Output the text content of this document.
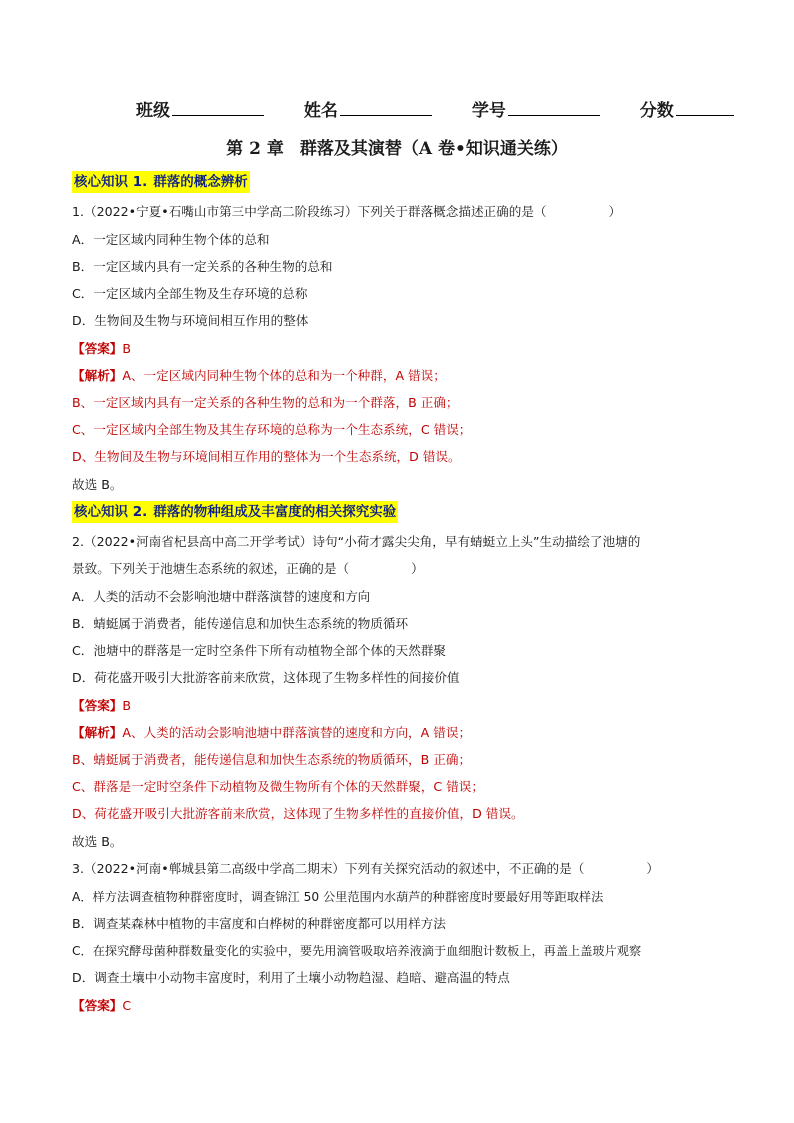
班级	姓名	学号	分数
第 2 章 群落及其演替（A 卷•知识通关练）
核心知识 1. 群落的概念辨析
1.（2022•宁夏•石嘴山市第三中学高二阶段练习）下列关于群落概念描述正确的是（	）
A．一定区域内同种生物个体的总和
B．一定区域内具有一定关系的各种生物的总和
C．一定区域内全部生物及生存环境的总称
D．生物间及生物与环境间相互作用的整体
【答案】B
【解析】A、一定区域内同种生物个体的总和为一个种群，A 错误；
B、一定区域内具有一定关系的各种生物的总和为一个群落，B 正确；
C、一定区域内全部生物及其生存环境的总称为一个生态系统，C 错误；
D、生物间及生物与环境间相互作用的整体为一个生态系统，D 错误。
故选 B。
核心知识 2. 群落的物种组成及丰富度的相关探究实验
2.（2022•河南省杞县高中高二开学考试）诗句“小荷才露尖尖角，早有蜻蜓立上头”生动描绘了池塘的
景致。下列关于池塘生态系统的叙述，正确的是（	）
A．人类的活动不会影响池塘中群落演替的速度和方向
B．蜻蜓属于消费者，能传递信息和加快生态系统的物质循环
C．池塘中的群落是一定时空条件下所有动植物全部个体的天然群聚
D．荷花盛开吸引大批游客前来欣赏，这体现了生物多样性的间接价值
【答案】B
【解析】A、人类的活动会影响池塘中群落演替的速度和方向，A 错误；
B、蜻蜓属于消费者，能传递信息和加快生态系统的物质循环，B 正确；
C、群落是一定时空条件下动植物及微生物所有个体的天然群聚，C 错误；
D、荷花盛开吸引大批游客前来欣赏，这体现了生物多样性的直接价值，D 错误。
故选 B。
3.（2022•河南•郸城县第二高级中学高二期末）下列有关探究活动的叙述中，不正确的是（	）
A．样方法调查植物种群密度时，调查锦江 50 公里范围内水葫芦的种群密度时要最好用等距取样法
B．调查某森林中植物的丰富度和白桦树的种群密度都可以用样方法
C．在探究酵母菌种群数量变化的实验中，要先用滴管吸取培养液滴于血细胞计数板上，再盖上盖玻片观察
D．调查土壤中小动物丰富度时，利用了土壤小动物趋湿、趋暗、避高温的特点
【答案】C
